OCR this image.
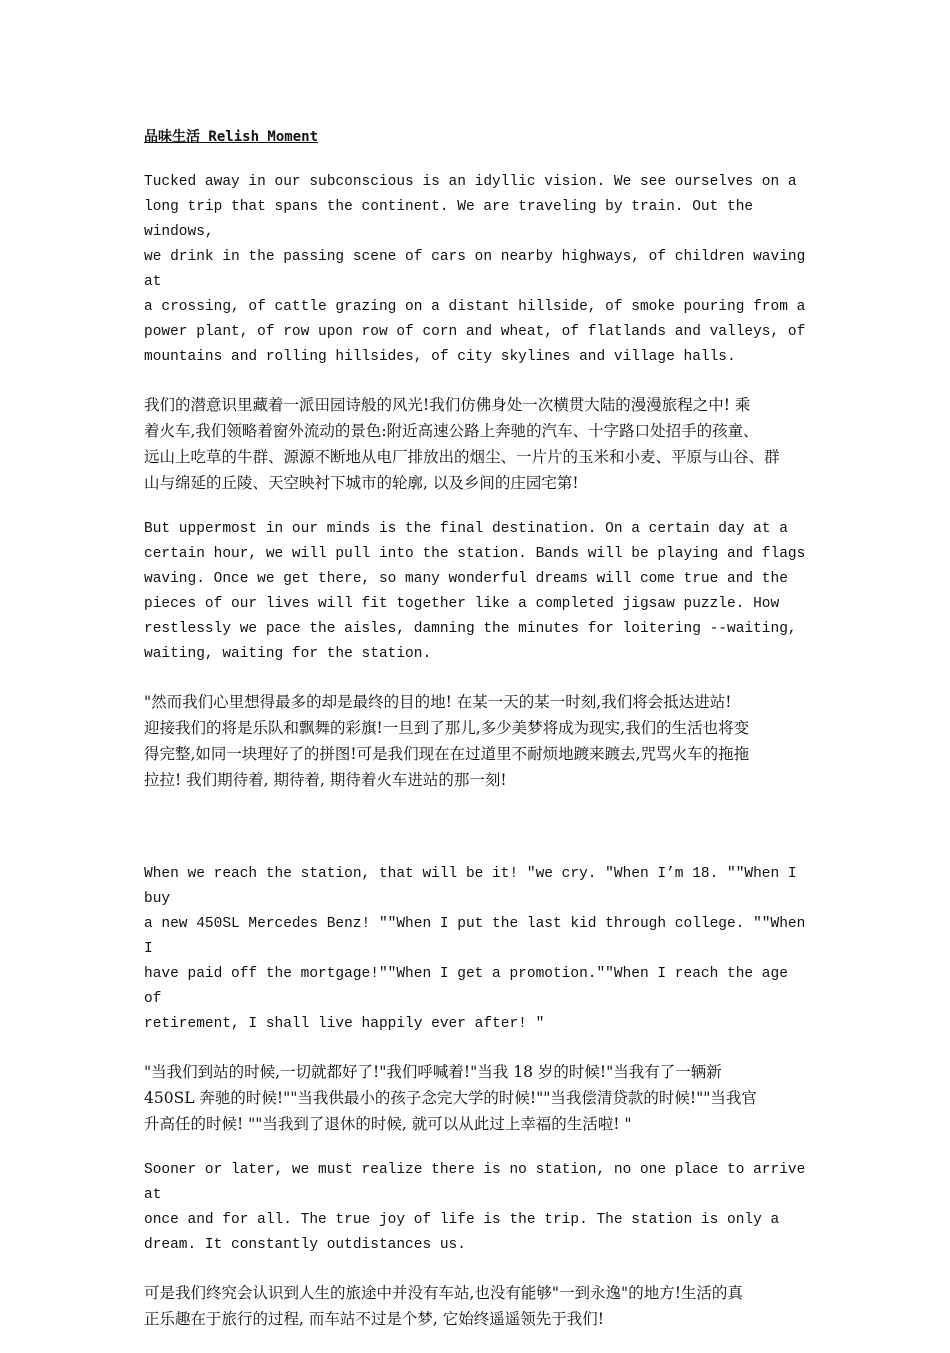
品味生活 Relish Moment

Tucked away in our subconscious is an idyllic vision. We see ourselves on a
long trip that spans the continent. We are traveling by train. Out the windows,
we drink in the passing scene of cars on nearby highways, of children waving at
a crossing, of cattle grazing on a distant hillside, of smoke pouring from a
power plant, of row upon row of corn and wheat, of flatlands and valleys, of
mountains and rolling hillsides, of city skylines and village halls.

我们的潜意识里藏着一派田园诗般的风光!我们仿佛身处一次横贯大陆的漫漫旅程之中! 乘
着火车,我们领略着窗外流动的景色:附近高速公路上奔驰的汽车、十字路口处招手的孩童、
远山上吃草的牛群、源源不断地从电厂排放出的烟尘、一片片的玉米和小麦、平原与山谷、群
山与绵延的丘陵、天空映衬下城市的轮廓, 以及乡间的庄园宅第!

But uppermost in our minds is the final destination. On a certain day at a
certain hour, we will pull into the station. Bands will be playing and flags
waving. Once we get there, so many wonderful dreams will come true and the
pieces of our lives will fit together like a completed jigsaw puzzle. How
restlessly we pace the aisles, damning the minutes for loitering --waiting,
waiting, waiting for the station.

"然而我们心里想得最多的却是最终的目的地! 在某一天的某一时刻,我们将会抵达进站!
迎接我们的将是乐队和飘舞的彩旗!一旦到了那儿,多少美梦将成为现实,我们的生活也将变
得完整,如同一块理好了的拼图!可是我们现在在过道里不耐烦地踱来踱去,咒骂火车的拖拖
拉拉! 我们期待着, 期待着, 期待着火车进站的那一刻!

When we reach the station, that will be it! "we cry. "When I’m 18. ""When I buy
a new 450SL Mercedes Benz! ""When I put the last kid through college. ""When I
have paid off the mortgage!""When I get a promotion.""When I reach the age of
retirement, I shall live happily ever after! "

"当我们到站的时候,一切就都好了!"我们呼喊着!"当我 18 岁的时候!"当我有了一辆新
450SL 奔驰的时候!""当我供最小的孩子念完大学的时候!""当我偿清贷款的时候!""当我官
升高任的时候! ""当我到了退休的时候, 就可以从此过上幸福的生活啦! "

Sooner or later, we must realize there is no station, no one place to arrive at
once and for all. The true joy of life is the trip. The station is only a
dream. It constantly outdistances us.

可是我们终究会认识到人生的旅途中并没有车站,也没有能够"一到永逸"的地方!生活的真
正乐趣在于旅行的过程, 而车站不过是个梦, 它始终遥遥领先于我们!
